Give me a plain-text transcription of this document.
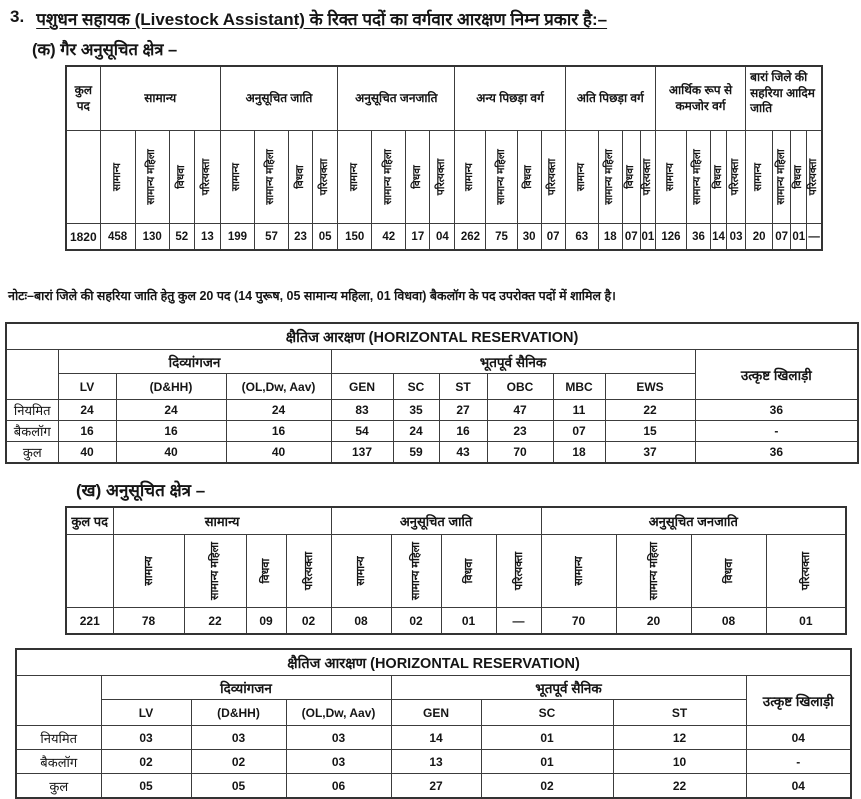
3. पशुधन सहायक (Livestock Assistant) के रिक्त पदों का वर्गवार आरक्षण निम्न प्रकार है:–
(क) गैर अनुसूचित क्षेत्र –
कुल पद	सामान्य				अनुसूचित जाति				अनुसूचित जनजाति				अन्य पिछड़ा वर्ग				अति पिछड़ा वर्ग				आर्थिक रूप से कमजोर वर्ग				बारां जिले की सहरिया आदिम जाति			

	सामान्य	सामान्य महिला	विधवा	परित्यक्ता	सामान्य	सामान्य महिला	विधवा	परित्यक्ता	सामान्य	सामान्य महिला	विधवा	परित्यक्ता	सामान्य	सामान्य महिला	विधवा	परित्यक्ता	सामान्य	सामान्य महिला	विधवा	परित्यक्ता	सामान्य	सामान्य महिला	विधवा	परित्यक्ता	सामान्य	सामान्य महिला	विधवा	परित्यक्ता

1820	458	130	52	13	199	57	23	05	150	42	17	04	262	75	30	07	63	18	07	01	126	36	14	03	20	07	01	—
नोटः–बारां जिले की सहरिया जाति हेतु कुल 20 पद (14 पुरूष, 05 सामान्य महिला, 01 विधवा) बैकलॉग के पद उपरोक्त पदों में शामिल है।
क्षैतिज आरक्षण (HORIZONTAL RESERVATION)										
	दिव्यांगजन			भूतपूर्व सैनिक						उत्कृष्ट खिलाड़ी
	LV	(D&HH)	(OL,Dw, Aav)	GEN	SC	ST	OBC	MBC	EWS	
नियमित	24	24	24	83	35	27	47	11	22	36
बैकलॉग	16	16	16	54	24	16	23	07	15	-
कुल	40	40	40	137	59	43	70	18	37	36
(ख) अनुसूचित क्षेत्र –
कुल पद	सामान्य				अनुसूचित जाति				अनुसूचित जनजाति			

	सामान्य	सामान्य महिला	विधवा	परित्यक्ता	सामान्य	सामान्य महिला	विधवा	परित्यक्ता	सामान्य	सामान्य महिला	विधवा	परित्यक्ता

221	78	22	09	02	08	02	01	—	70	20	08	01
क्षैतिज आरक्षण (HORIZONTAL RESERVATION)							
	दिव्यांगजन			भूतपूर्व सैनिक			उत्कृष्ट खिलाड़ी
	LV	(D&HH)	(OL,Dw, Aav)	GEN	SC	ST	
नियमित	03	03	03	14	01	12	04
बैकलॉग	02	02	03	13	01	10	-
कुल	05	05	06	27	02	22	04
